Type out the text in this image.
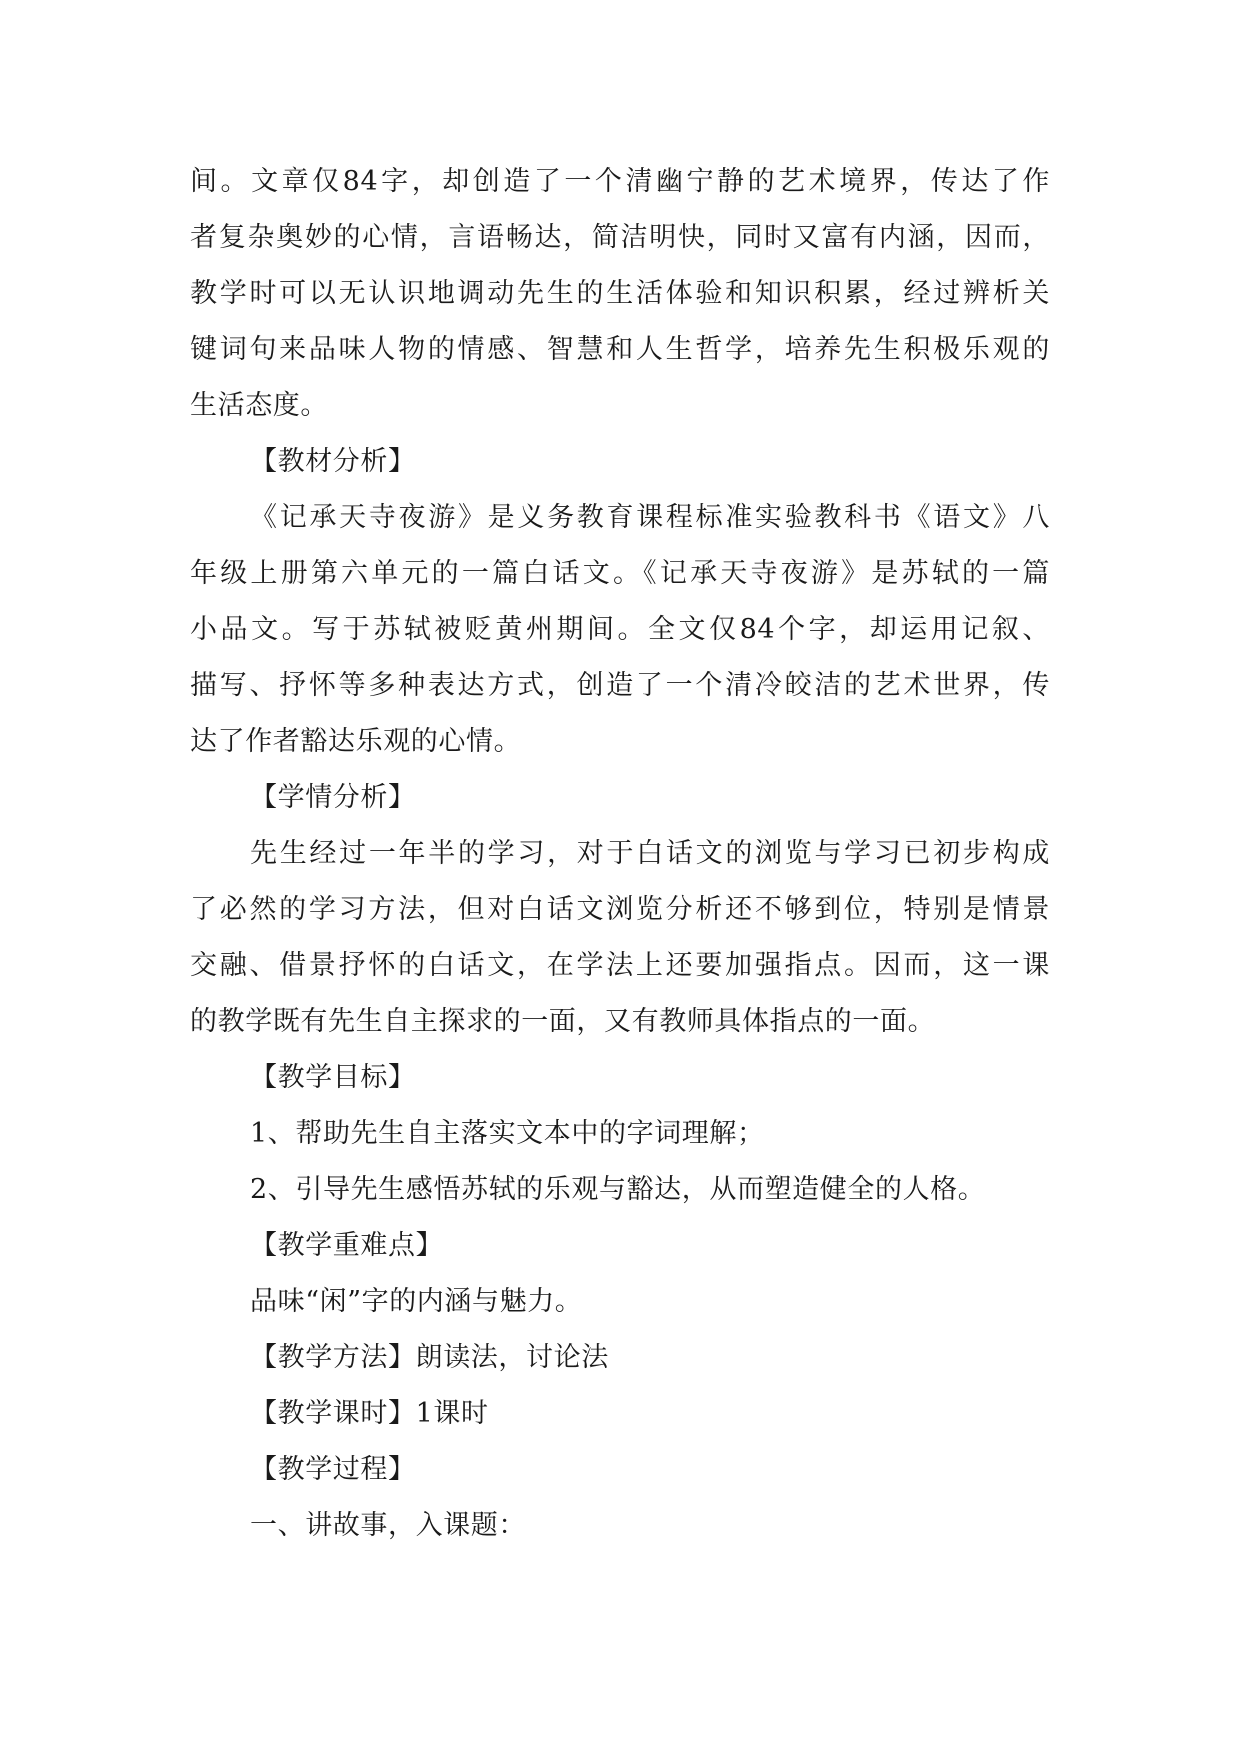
间。文章仅84字，却创造了一个清幽宁静的艺术境界，传达了作
者复杂奥妙的心情，言语畅达，简洁明快，同时又富有内涵，因而，
教学时可以无认识地调动先生的生活体验和知识积累，经过辨析关
键词句来品味人物的情感、智慧和人生哲学，培养先生积极乐观的
生活态度。
【教材分析】
《记承天寺夜游》是义务教育课程标准实验教科书《语文》八
年级上册第六单元的一篇白话文。《记承天寺夜游》是苏轼的一篇
小品文。写于苏轼被贬黄州期间。全文仅84个字，却运用记叙、
描写、抒怀等多种表达方式，创造了一个清冷皎洁的艺术世界，传
达了作者豁达乐观的心情。
【学情分析】
先生经过一年半的学习，对于白话文的浏览与学习已初步构成
了必然的学习方法，但对白话文浏览分析还不够到位，特别是情景
交融、借景抒怀的白话文，在学法上还要加强指点。因而，这一课
的教学既有先生自主探求的一面，又有教师具体指点的一面。
【教学目标】
1、帮助先生自主落实文本中的字词理解；
2、引导先生感悟苏轼的乐观与豁达，从而塑造健全的人格。
【教学重难点】
品味“闲”字的内涵与魅力。
【教学方法】朗读法，讨论法
【教学课时】1课时
【教学过程】
一、讲故事，入课题：
